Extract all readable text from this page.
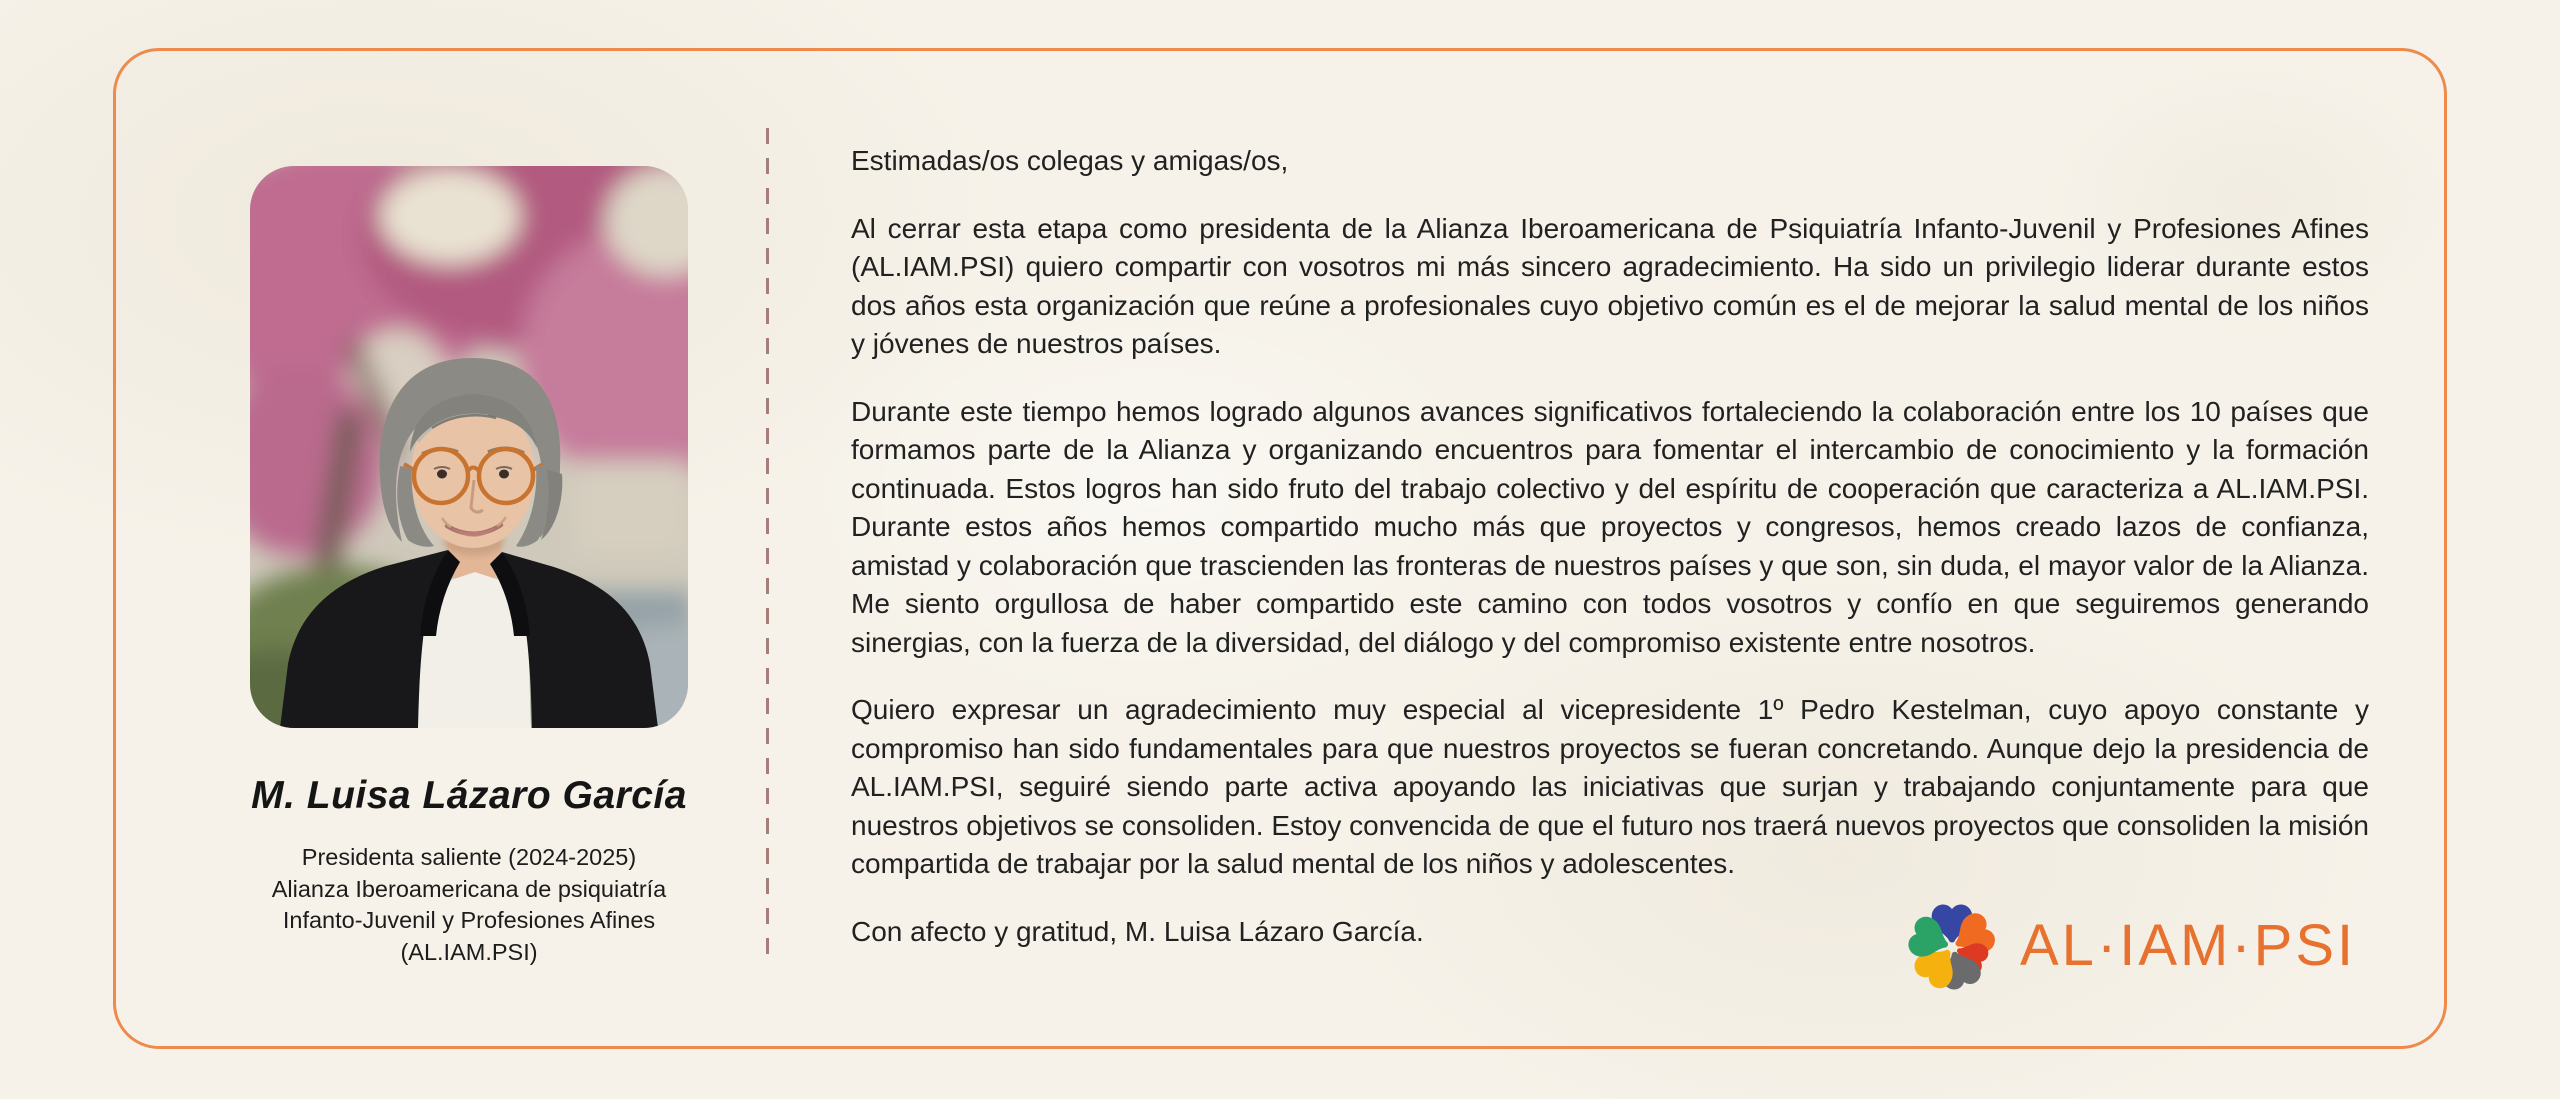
M. Luisa Lázaro García
Presidenta saliente (2024-2025)
Alianza Iberoamericana de psiquiatría
Infanto-Juvenil y Profesiones Afines
(AL.IAM.PSI)

Estimadas/os colegas y amigas/os,

Al cerrar esta etapa como presidenta de la Alianza Iberoamericana de Psiquiatría Infanto-Juvenil y Profesiones Afines (AL.IAM.PSI) quiero compartir con vosotros mi más sincero agradecimiento. Ha sido un privilegio liderar durante estos dos años esta organización que reúne a profesionales cuyo objetivo común es el de mejorar la salud mental de los niños y jóvenes de nuestros países.

Durante este tiempo hemos logrado algunos avances significativos fortaleciendo la colaboración entre los 10 países que formamos parte de la Alianza y organizando encuentros para fomentar el intercambio de conocimiento y la formación continuada. Estos logros han sido fruto del trabajo colectivo y del espíritu de cooperación que caracteriza a AL.IAM.PSI. Durante estos años hemos compartido mucho más que proyectos y congresos, hemos creado lazos de confianza, amistad y colaboración que trascienden las fronteras de nuestros países y que son, sin duda, el mayor valor de la Alianza. Me siento orgullosa de haber compartido este camino con todos vosotros y confío en que seguiremos generando sinergias, con la fuerza de la diversidad, del diálogo y del compromiso existente entre nosotros.

Quiero expresar un agradecimiento muy especial al vicepresidente 1º Pedro Kestelman, cuyo apoyo constante y compromiso han sido fundamentales para que nuestros proyectos se fueran concretando. Aunque dejo la presidencia de AL.IAM.PSI, seguiré siendo parte activa apoyando las iniciativas que surjan y trabajando conjuntamente para que nuestros objetivos se consoliden. Estoy convencida de que el futuro nos traerá nuevos proyectos que consoliden la misión compartida de trabajar por la salud mental de los niños y adolescentes.

Con afecto y gratitud, M. Luisa Lázaro García.	AL·IAM·PSI
